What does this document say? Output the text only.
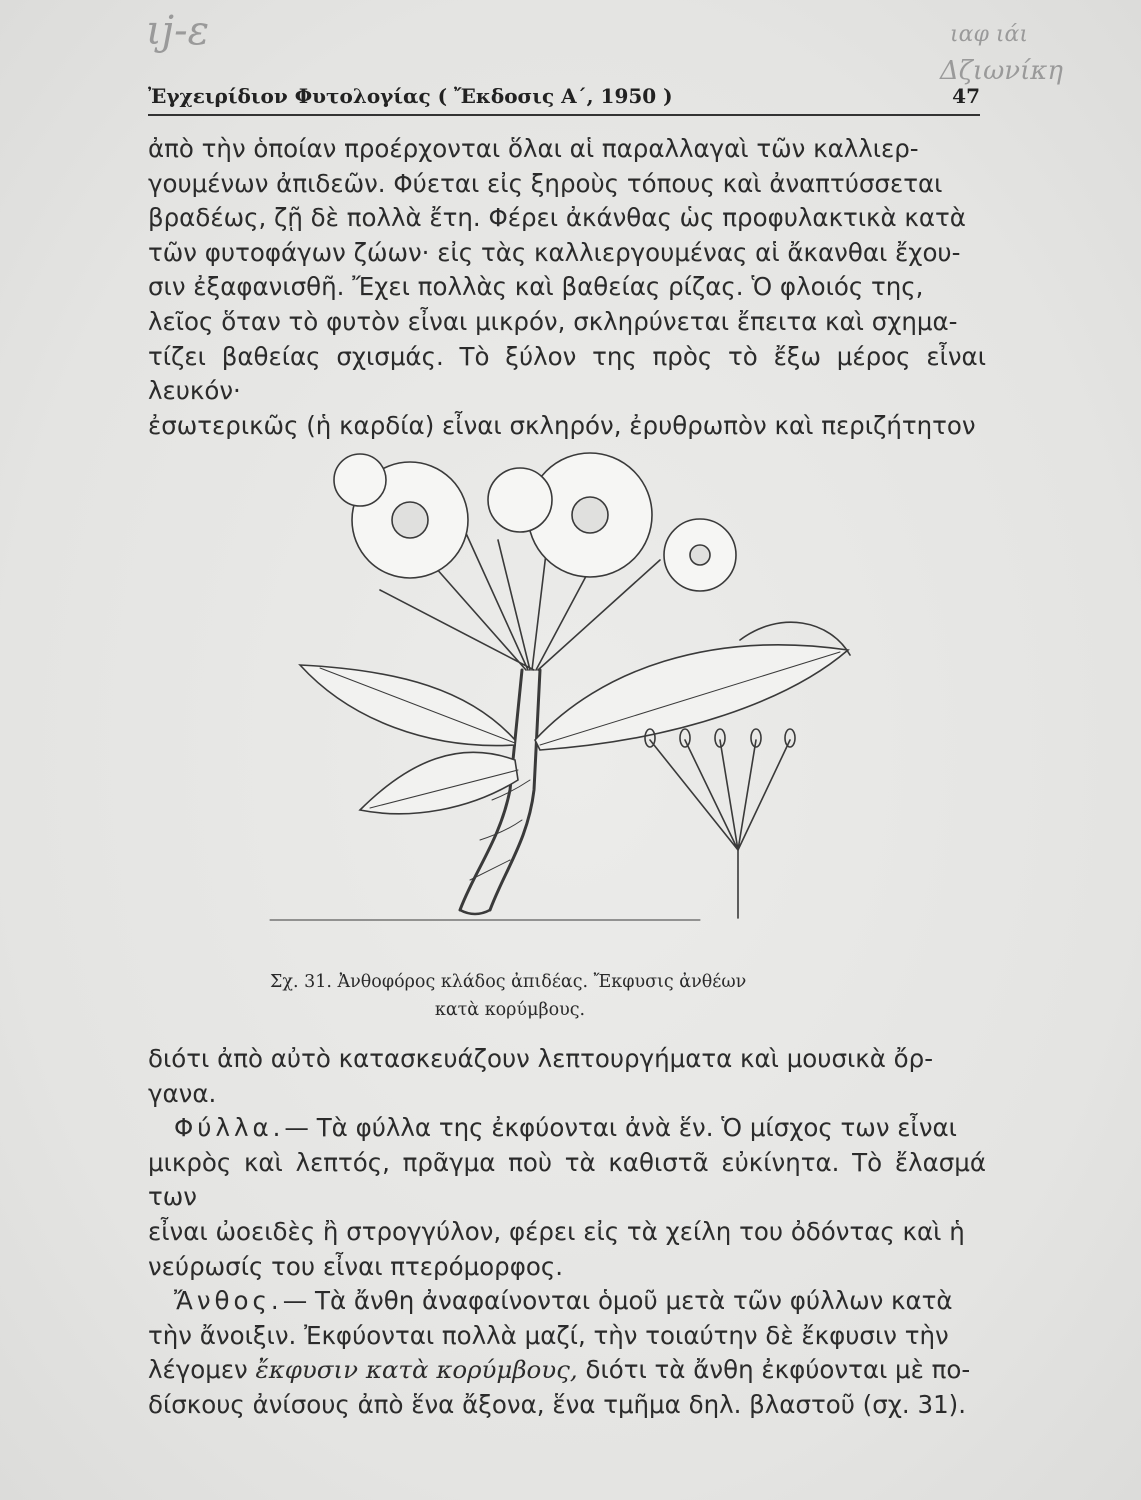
ιϳ-ε	ιαφ ιάι
Δζιωνίκη
Ἐγχειρίδιον Φυτολογίας ( Ἔκδοσις Α΄, 1950 )	47

ἀπὸ τὴν ὁποίαν προέρχονται ὅλαι αἱ παραλλαγαὶ τῶν καλλιερ-

γουμένων ἀπιδεῶν. Φύεται εἰς ξηροὺς τόπους καὶ ἀναπτύσσεται

βραδέως, ζῇ δὲ πολλὰ ἔτη. Φέρει ἀκάνθας ὡς προφυλακτικὰ κατὰ

τῶν φυτοφάγων ζώων· εἰς τὰς καλλιεργουμένας αἱ ἄκανθαι ἔχου-

σιν ἐξαφανισθῆ. Ἔχει πολλὰς καὶ βαθείας ρίζας. Ὁ φλοιός της,

λεῖος ὅταν τὸ φυτὸν εἶναι μικρόν, σκληρύνεται ἔπειτα καὶ σχημα-

τίζει βαθείας σχισμάς. Τὸ ξύλον της πρὸς τὸ ἔξω μέρος εἶναι λευκόν·

ἐσωτερικῶς (ἡ καρδία) εἶναι σκληρόν, ἐρυθρωπὸν καὶ περιζήτητον

Σχ. 31. Ἀνθοφόρος κλάδος ἀπιδέας. Ἔκφυσις ἀνθέων
κατὰ κορύμβους.

διότι ἀπὸ αὐτὸ κατασκευάζουν λεπτουργήματα καὶ μουσικὰ ὄρ-

γανα.

Φύλλα.— Τὰ φύλλα της ἐκφύονται ἀνὰ ἕν. Ὁ μίσχος των εἶναι

μικρὸς καὶ λεπτός, πρᾶγμα ποὺ τὰ καθιστᾶ εὐκίνητα. Τὸ ἔλασμά των

εἶναι ὠοειδὲς ἢ στρογγύλον, φέρει εἰς τὰ χείλη του ὀδόντας καὶ ἡ

νεύρωσίς του εἶναι πτερόμορφος.

Ἄνθος.— Τὰ ἄνθη ἀναφαίνονται ὁμοῦ μετὰ τῶν φύλλων κατὰ

τὴν ἄνοιξιν. Ἐκφύονται πολλὰ μαζί, τὴν τοιαύτην δὲ ἔκφυσιν τὴν

λέγομεν ἔκφυσιν κατὰ κορύμβους, διότι τὰ ἄνθη ἐκφύονται μὲ πο-

δίσκους ἀνίσους ἀπὸ ἕνα ἄξονα, ἕνα τμῆμα δηλ. βλαστοῦ (σχ. 31).
